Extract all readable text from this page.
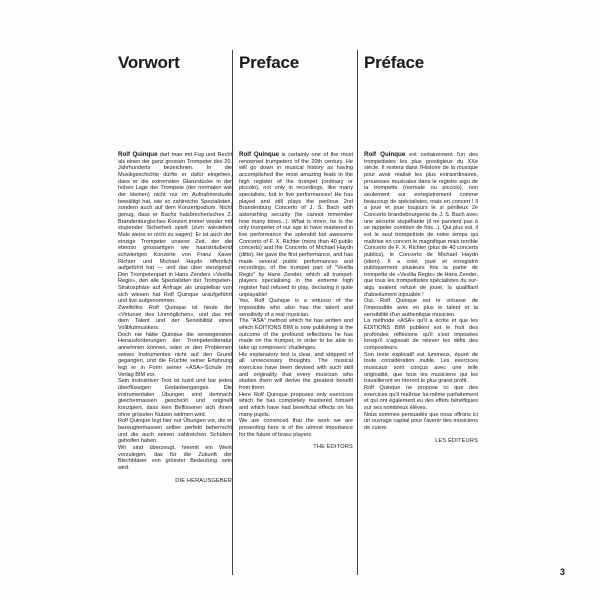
Vorwort

Rolf Quinque darf man mit Fug und Recht als einen der ganz grossen Trompeter des 20. Jahrhunderts bezeichnen. In die Musikgeschichte dürfte er dafür eingehen, dass er die extremsten Glanzstücke in der hohen Lage der Trompete (der normalen wie der kleinen) nicht nur im Aufnahmestudio bewältigt hat, wie so zahlreiche Spezialisten, sondern auch auf dem Konzertpodium. Nicht genug, dass er Bachs halsbrecherisches 2. Brandenburgisches Konzert immer wieder mit stupender Sicherheit spielt (zum wievielten Male weiss er nicht zu sagen): Er ist auch der einzige Trompeter unserer Zeit, der die ebenso grossartigen wie haarsträubend schwierigen Konzerte von Franz Xaver Richter und Michael Haydn öffentlich aufgeführt hat — und das über vierzigmal! Den Trompetenpart in Hans Zenders «Vexilla Regis», den alle Spezialisten der Trompeten-Stratosphäre auf Anfrage als unspielbar von sich wiesen hat Rolf Quinque uraufgeführt und live aufgenommen.

Zweifellos Rolf Quinque ist heute der «Virtuose des Unmöglichen», und das mit dem Talent und der Sensibilität eines Vollblutmusikers.

Doch nie hätte Quinque die verwegensten Herausforderungen der Trompetenliteratur annehmen können, wäre er den Problemen seines Instrumentes nicht auf den Grund gegangen, und die Früchte seiner Erfahrung legt er in Form seiner «ASA»-Schule im Verlag BIM vor.

Sein instruktiver Text ist luzid und bar jedes überflüssigen Gedankenganges. Die instrumentalen Übungen sind demnach gleichermassen geschickt und originell konzipiert, dass kein Beflissener sich ihnen ohne grössten Nutzen widmen wird.

Rolf Quinque legt hier nur Übungen vor, die er bezeugtermassen selber perfekt beherrscht und die auch seinen zahlreichen Schülern geholfen haben.

Wir sind überzeugt, hiermit ein Werk vorzulegen, das für die Zukunft der Blechbläser von grösster Bedeutung sein wird.

DIE HERAUSGEBER
Preface

Rolf Quinque is certainly one of the most renowned trumpeters of the 20th century. He will go down in musical history as having accomplished the most amazing feats in the high register of the trumpet (ordinary or piccolo), not only in recordings, like many specialists, but in live performances! He has played and still plays the perilous 2nd Brandenburg Concerto of J. S. Bach with astonishing security (he cannot remember how many times...). What is more, he is the only trumpeter of our age to have mastered in live performance the splendid but awesome Concerto of F. X. Richter (more than 40 public concerts) and the Concerto of Michael Haydn (ditto). He gave the first performance, and has made several public performances and recordings, of the trumpet part of "Vexilla Regis" by Hans Zender, which all trumpet-players specialising in the extreme high register had refused to play, declaring it quite unplayable!

Yes, Rolf Quinque is a virtuoso of the impossible who also has the talent and sensitivity of a real musician.

The "ASA" method which he has written and which EDITIONS BIM is now publishing is the outcome of the profound reflections he has made on the trumpet, in order to be able to take up composers' challenges.

His explanatory text is clear, and stripped of all unnecessary thoughts. The musical exercices have been devised with such skill and originality that every musician who studies them will derive the greatest benefit from them.

Here Rolf Quinque proposes only exercices which he has completely mastered himself and which have had beneficial effects on his many pupils.

We are convinced that the work we are presenting here is of the utmost importance for the future of brass players.

THE EDITORS
Préface

Rolf Quinque est certainement l'un des trompettistes les plus prestigieux du XXe siècle. Il restera dans l'Histoire de la musique pour avoir réalisé les plus extraordinaires, prouesses musicales dans le registre aigu de la trompette (normale ou piccolo), non seulement sur enregistrement comme beaucoup de spécialistes, mais en concert ! Il a joué et joue toujours le si périlleux 2e Concerto brandebourgeois de J. S. Bach avec une sécurité stupéfiante (il ne parvient pas à se rappeler combien de fois...). Qui plus est, il est le seul trompettiste de notre temps qui maîtrise en concert le magnifique mais terrible Concerto de F. X. Richter (plus de 40 concerts publics), le Concerto de Michael Haydn (idem). Il a créé, joué et enregistré publiquement plusieurs fois la partie de trompette de «Vexilla Regis» de Hans Zender, que tous les trompettistes spécialistes du sur-aigu avaient refusé de jouer, la qualifiant d'absolument injouable !

Oui, Rolf Quinque est le virtuose de l'impossible avec en plus le talent et la sensibilité d'un authentique musicien.

La méthode «ASA» qu'il a écrite et que les ÉDITIONS BIM publient est le fruit des profondes réflexions qu'il s'est imposées lorsqu'il s'agissait de relever les défis des compositeurs.

Son texte explicatif est lumineux, épuré de toute considération inutile. Les exercices musicaux sont conçus avec une telle originalité, que tous les musiciens qui les travailleront en tireront le plus grand profit.

Rolf Quinque ne propose ici que des exercices qu'il maîtrise lui-même parfaitement et qui ont également eu des effets bénéfiques sur ses nombreux élèves.

Nous sommes persuadés que nous offrons ici un ouvrage capital pour l'avenir des musiciens de cuivre.

LES ÉDITEURS
3
